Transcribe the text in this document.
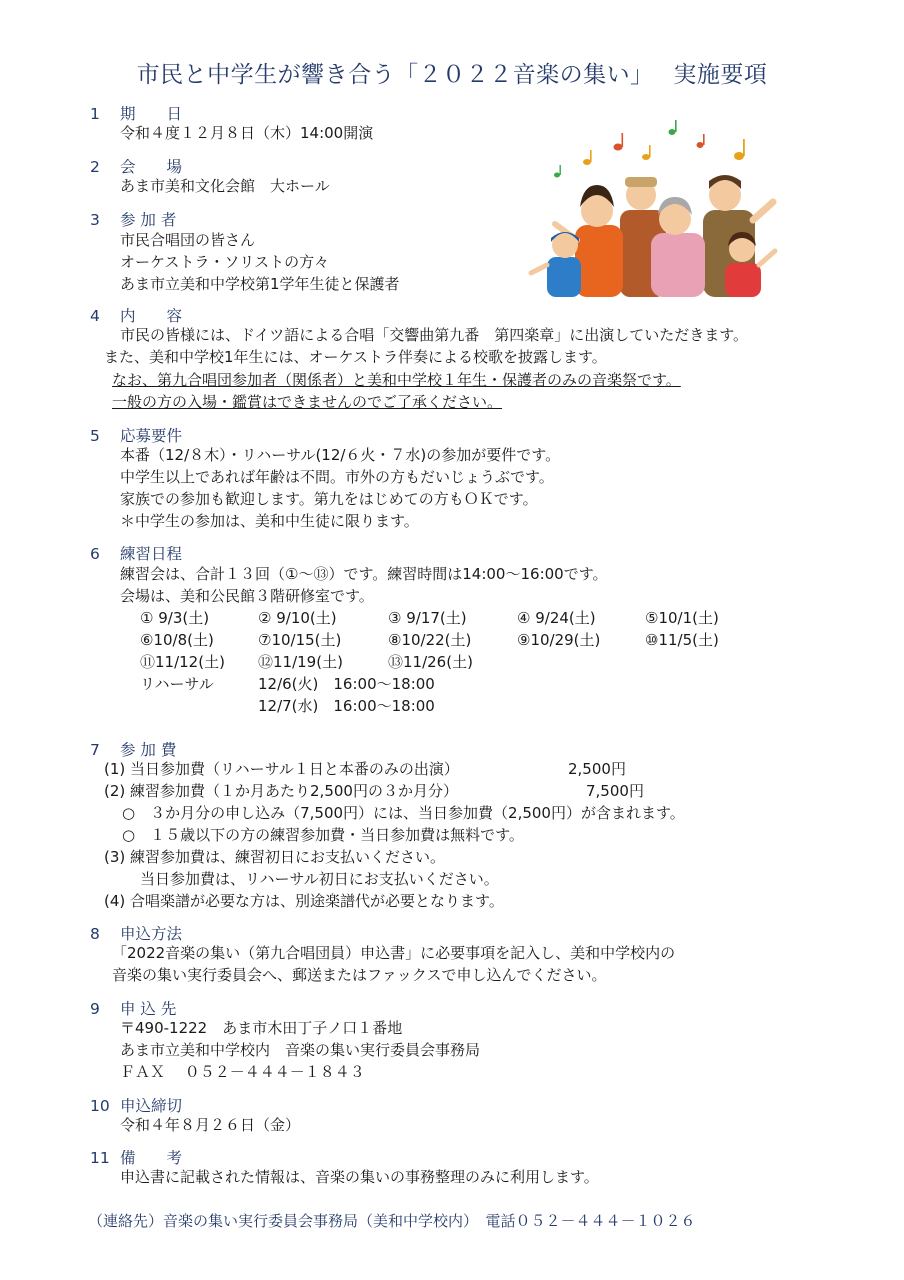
市民と中学生が響き合う「２０２２音楽の集い」　 実施要項
1 期　　日
令和４度１２月８日（木）14:00開演
2 会　　場
あま市美和文化会館　大ホール
3 参 加 者
市民合唱団の皆さん
オーケストラ・ソリストの方々
あま市立美和中学校第1学年生徒と保護者
4 内　　容
市民の皆様には、ドイツ語による合唱「交響曲第九番　第四楽章」に出演していただきます。
また、美和中学校1年生には、オーケストラ伴奏による校歌を披露します。
なお、第九合唱団参加者（関係者）と美和中学校１年生・保護者のみの音楽祭です。
一般の方の入場・鑑賞はできませんのでご了承ください。
5 応募要件
本番（12/８木）・リハーサル(12/６火・７水)の参加が要件です。
中学生以上であれば年齢は不問。市外の方もだいじょうぶです。
家族での参加も歓迎します。第九をはじめての方もＯＫです。
＊中学生の参加は、美和中生徒に限ります。
6 練習日程
練習会は、合計１３回（①～⑬）です。練習時間は14:00～16:00です。
会場は、美和公民館３階研修室です。
① 9/3(土)	② 9/10(土)	③ 9/17(土)	④ 9/24(土)	⑤10/1(土)
⑥10/8(土)	⑦10/15(土)	⑧10/22(土)	⑨10/29(土)	⑩11/5(土)
⑪11/12(土) ⑫11/19(土)	⑬11/26(土)
リハーサル	12/6(火)　16:00～18:00
12/7(水)　16:00～18:00
7 参 加 費
(1) 当日参加費（リハーサル１日と本番のみの出演）	2,500円
(2) 練習参加費（１か月あたり2,500円の３か月分）	7,500円
○　３か月分の申し込み（7,500円）には、当日参加費（2,500円）が含まれます。
○　１５歳以下の方の練習参加費・当日参加費は無料です。
(3) 練習参加費は、練習初日にお支払いください。
当日参加費は、リハーサル初日にお支払いください。
(4) 合唱楽譜が必要な方は、別途楽譜代が必要となります。
8 申込方法
「2022音楽の集い（第九合唱団員）申込書」に必要事項を記入し、美和中学校内の
音楽の集い実行委員会へ、郵送またはファックスで申し込んでください。
9 申 込 先
〒490-1222　あま市木田丁子ノ口１番地
あま市立美和中学校内　音楽の集い実行委員会事務局
ＦＡＸ　 ０５２－４４４－１８４３
10 申込締切
令和４年８月２６日（金）
11 備　　考
申込書に記載された情報は、音楽の集いの事務整理のみに利用します。
（連絡先）音楽の集い実行委員会事務局（美和中学校内）　電話０５２－４４４－１０２６
